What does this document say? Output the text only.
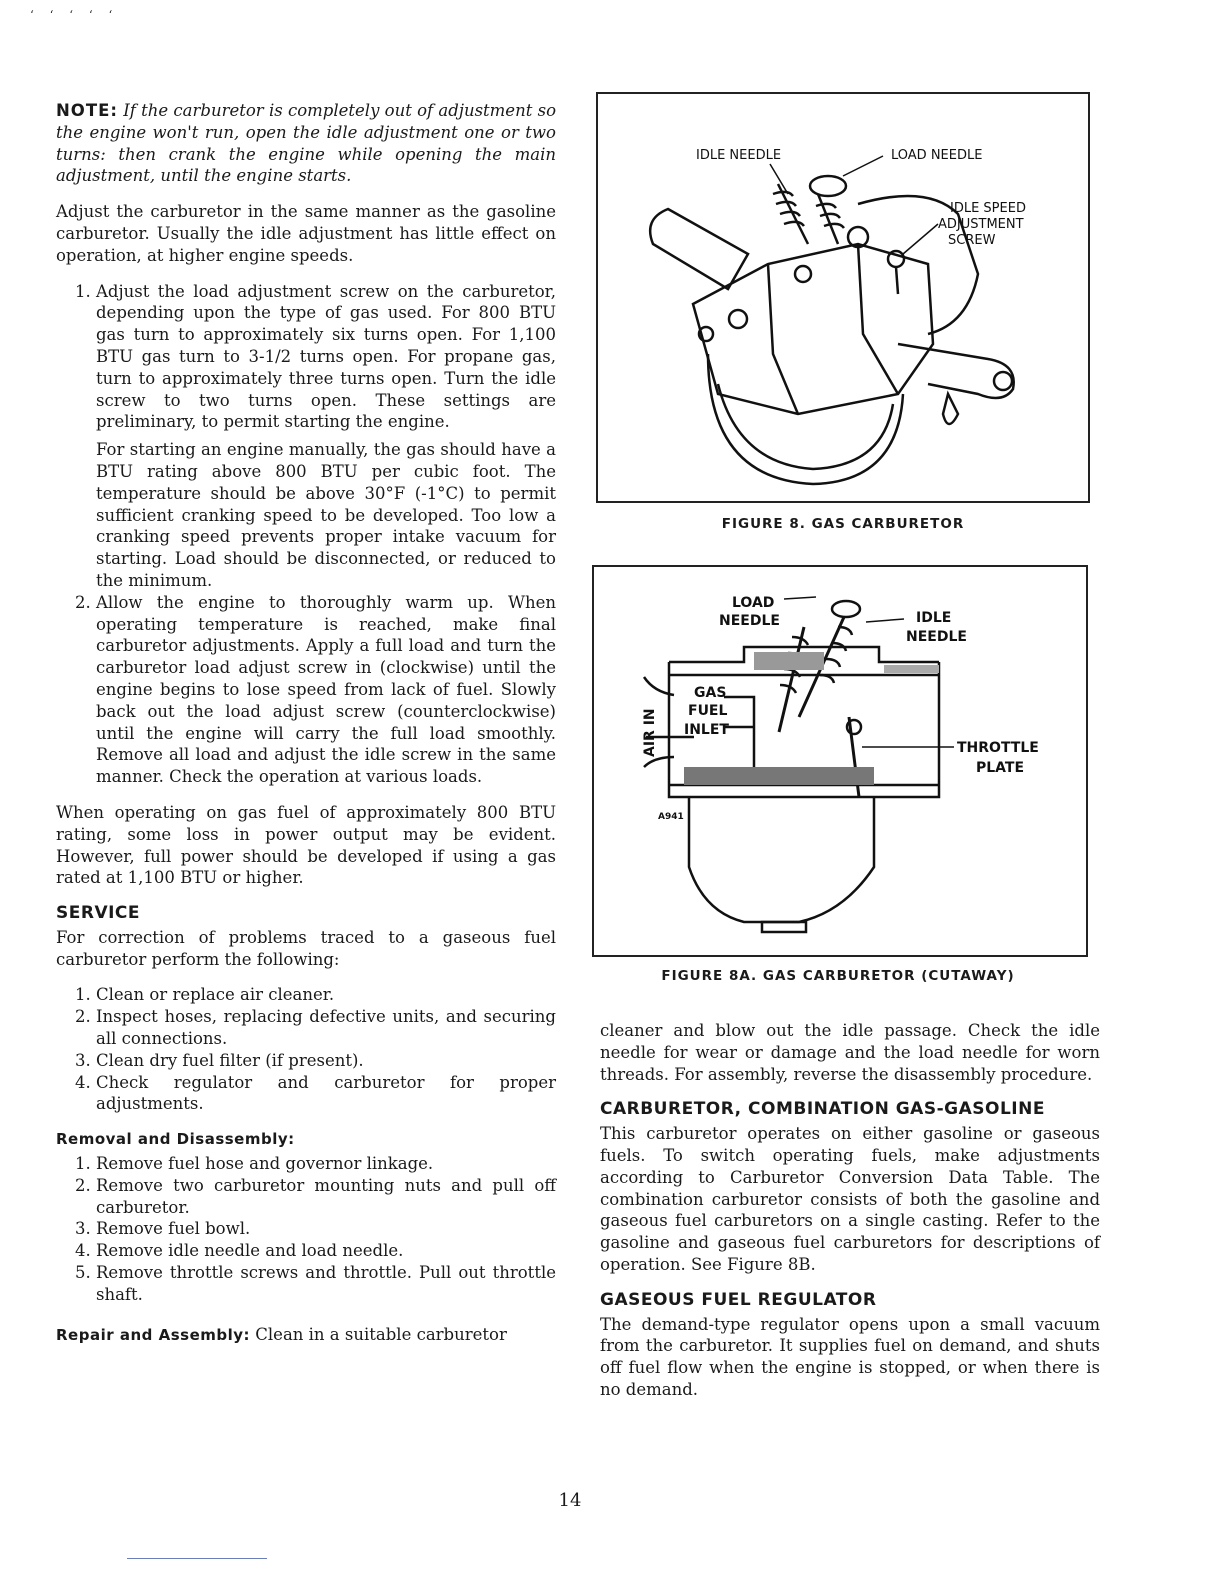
‘ ‘ ‘ ‘ ‘

NOTE: If the carburetor is completely out of adjustment so the engine won't run, open the idle adjustment one or two turns: then crank the engine while opening the main adjustment, until the engine starts.

Adjust the carburetor in the same manner as the gasoline carburetor. Usually the idle adjustment has little effect on operation, at higher engine speeds.

1. Adjust the load adjustment screw on the carburetor, depending upon the type of gas used. For 800 BTU gas turn to approximately six turns open. For 1,100 BTU gas turn to 3-1/2 turns open. For propane gas, turn to approximately three turns open. Turn the idle screw to two turns open. These settings are preliminary, to permit starting the engine.

For starting an engine manually, the gas should have a BTU rating above 800 BTU per cubic foot. The temperature should be above 30°F (-1°C) to permit sufficient cranking speed to be developed. Too low a cranking speed prevents proper intake vacuum for starting. Load should be disconnected, or reduced to the minimum.

2. Allow the engine to thoroughly warm up. When operating temperature is reached, make final carburetor adjustments. Apply a full load and turn the carburetor load adjust screw in (clockwise) until the engine begins to lose speed from lack of fuel. Slowly back out the load adjust screw (counterclockwise) until the engine will carry the full load smoothly. Remove all load and adjust the idle screw in the same manner. Check the operation at various loads.

When operating on gas fuel of approximately 800 BTU rating, some loss in power output may be evident. However, full power should be developed if using a gas rated at 1,100 BTU or higher.

SERVICE

For correction of problems traced to a gaseous fuel carburetor perform the following:

1. Clean or replace air cleaner.
2. Inspect hoses, replacing defective units, and securing all connections.
3. Clean dry fuel filter (if present).
4. Check regulator and carburetor for proper adjustments.
Removal and Disassembly:
1. Remove fuel hose and governor linkage.
2. Remove two carburetor mounting nuts and pull off carburetor.
3. Remove fuel bowl.
4. Remove idle needle and load needle.
5. Remove throttle screws and throttle. Pull out throttle shaft.

Repair and Assembly: Clean in a suitable carburetor

IDLE NEEDLE	LOAD NEEDLE
IDLE SPEED
ADJUSTMENT
SCREW
FIGURE 8. GAS CARBURETOR
LOAD
NEEDLE	IDLE
NEEDLE
GAS
FUEL
INLET
AIR IN	THROTTLE
PLATE
A941
FIGURE 8A. GAS CARBURETOR (CUTAWAY)

cleaner and blow out the idle passage. Check the idle needle for wear or damage and the load needle for worn threads. For assembly, reverse the disassembly procedure.

CARBURETOR, COMBINATION GAS-GASOLINE

This carburetor operates on either gasoline or gaseous fuels. To switch operating fuels, make adjustments according to Carburetor Conversion Data Table. The combination carburetor consists of both the gasoline and gaseous fuel carburetors on a single casting. Refer to the gasoline and gaseous fuel carburetors for descriptions of operation. See Figure 8B.

GASEOUS FUEL REGULATOR

The demand-type regulator opens upon a small vacuum from the carburetor. It supplies fuel on demand, and shuts off fuel flow when the engine is stopped, or when there is no demand.

14
